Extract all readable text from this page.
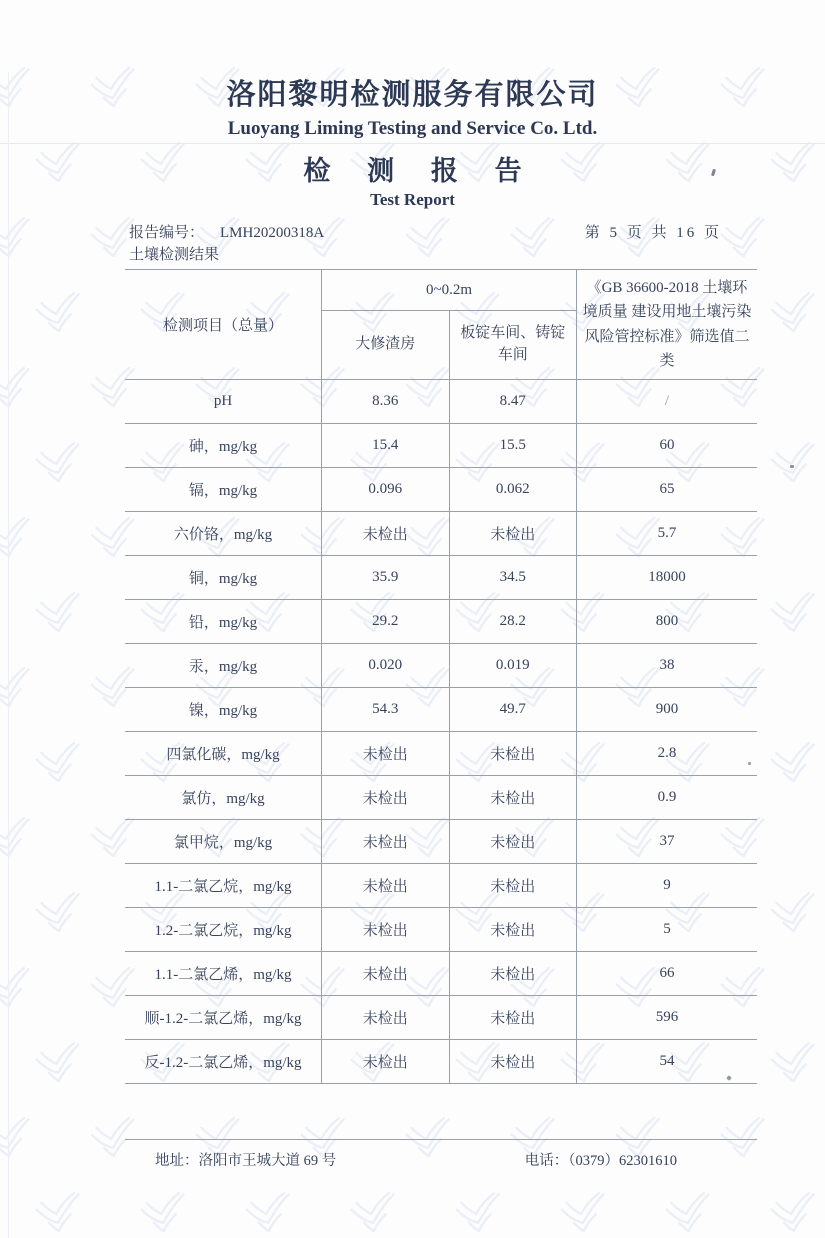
洛阳黎明检测服务有限公司
Luoyang Liming Testing and Service Co. Ltd.
检 测 报 告
Test Report
报告编号： LMH20200318A	第 5 页 共 16 页
土壤检测结果
检测项目（总量）	0~0.2m		《GB 36600-2018 土壤环境质量 建设用地土壤污染风险管控标准》筛选值二类
	大修渣房	板锭车间、铸锭车间	
pH	8.36	8.47	/
砷，mg/kg	15.4	15.5	60
镉，mg/kg	0.096	0.062	65
六价铬，mg/kg	未检出	未检出	5.7
铜，mg/kg	35.9	34.5	18000
铅，mg/kg	29.2	28.2	800
汞，mg/kg	0.020	0.019	38
镍，mg/kg	54.3	49.7	900
四氯化碳，mg/kg	未检出	未检出	2.8
氯仿，mg/kg	未检出	未检出	0.9
氯甲烷，mg/kg	未检出	未检出	37
1.1-二氯乙烷，mg/kg	未检出	未检出	9
1.2-二氯乙烷，mg/kg	未检出	未检出	5
1.1-二氯乙烯，mg/kg	未检出	未检出	66
顺-1.2-二氯乙烯，mg/kg	未检出	未检出	596
反-1.2-二氯乙烯，mg/kg	未检出	未检出	54
地址：洛阳市王城大道 69 号	电话：（0379）62301610
